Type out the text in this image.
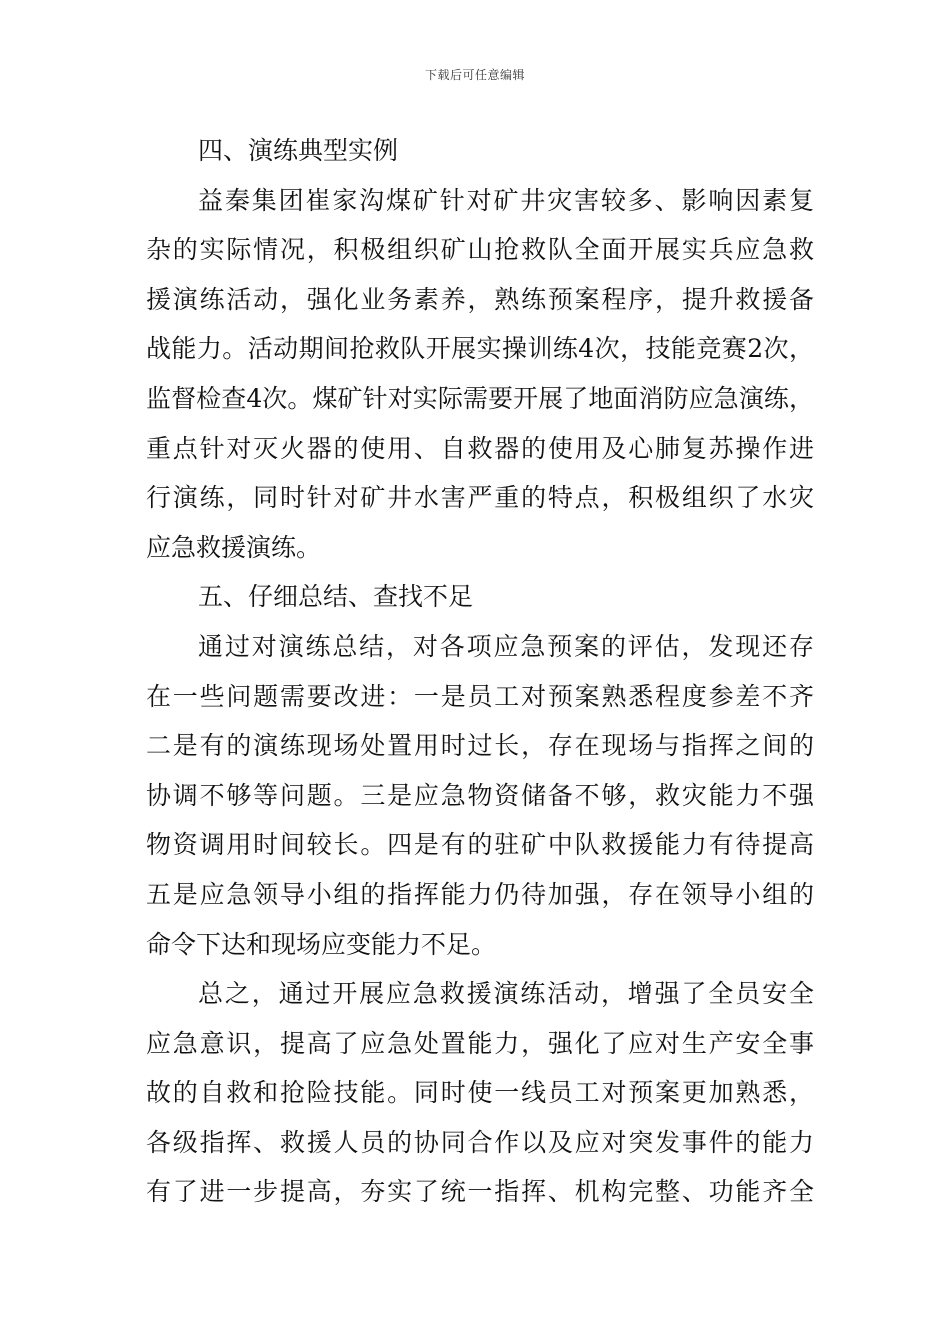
下载后可任意编辑
四、演练典型实例
益秦集团崔家沟煤矿针对矿井灾害较多、影响因素复
杂的实际情况，积极组织矿山抢救队全面开展实兵应急救
援演练活动，强化业务素养，熟练预案程序，提升救援备
战能力。活动期间抢救队开展实操训练4次，技能竞赛2次，
监督检查4次。煤矿针对实际需要开展了地面消防应急演练，
重点针对灭火器的使用、自救器的使用及心肺复苏操作进
行演练，同时针对矿井水害严重的特点，积极组织了水灾
应急救援演练。
五、仔细总结、查找不足
通过对演练总结，对各项应急预案的评估，发现还存
在一些问题需要改进：一是员工对预案熟悉程度参差不齐
二是有的演练现场处置用时过长，存在现场与指挥之间的
协调不够等问题。三是应急物资储备不够，救灾能力不强
物资调用时间较长。四是有的驻矿中队救援能力有待提高
五是应急领导小组的指挥能力仍待加强，存在领导小组的
命令下达和现场应变能力不足。
总之，通过开展应急救援演练活动，增强了全员安全
应急意识，提高了应急处置能力，强化了应对生产安全事
故的自救和抢险技能。同时使一线员工对预案更加熟悉，
各级指挥、救援人员的协同合作以及应对突发事件的能力
有了进一步提高，夯实了统一指挥、机构完整、功能齐全
